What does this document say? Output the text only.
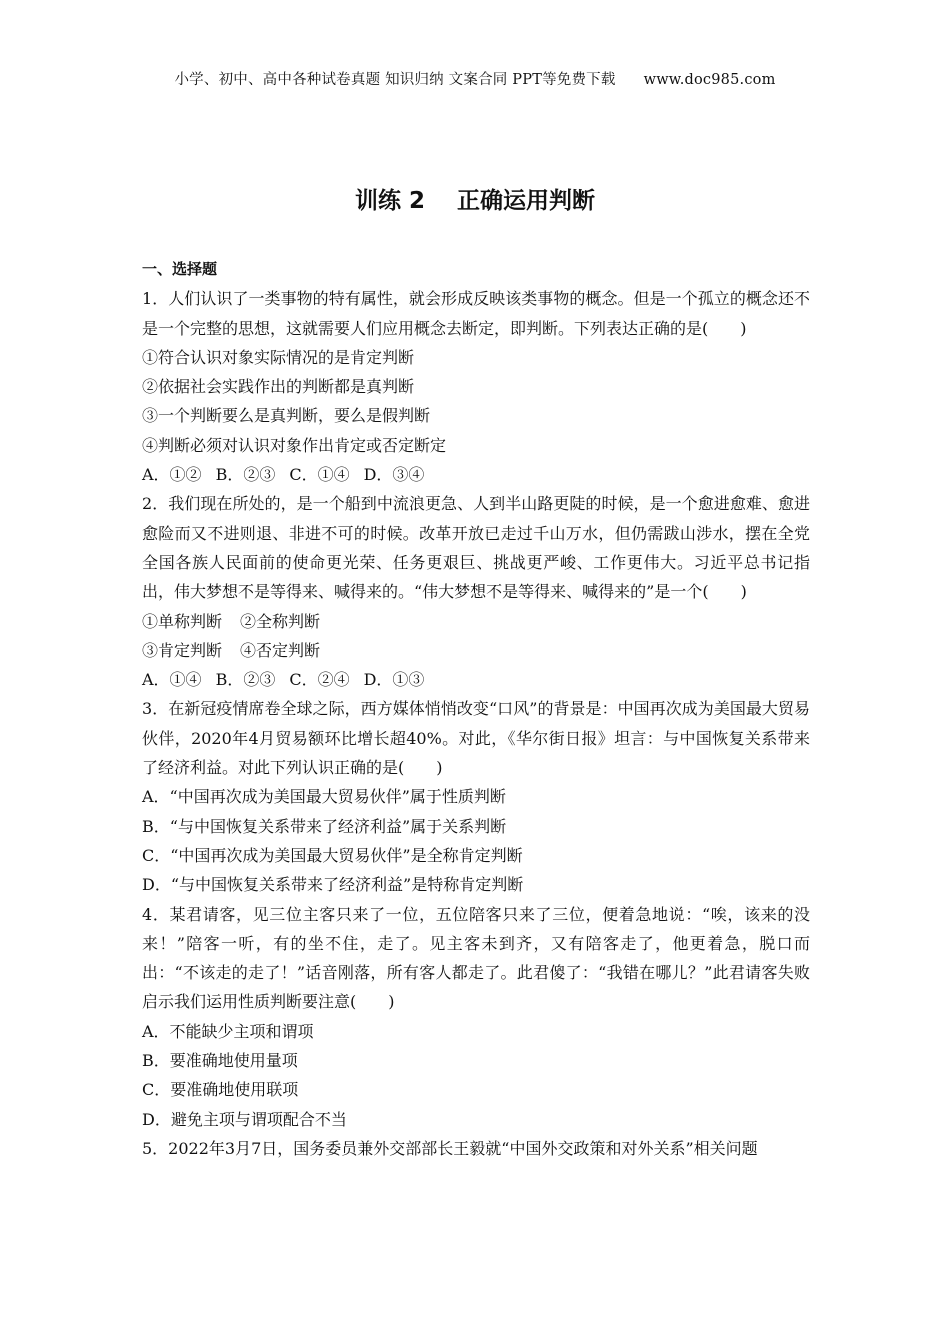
小学、初中、高中各种试卷真题 知识归纳 文案合同 PPT等免费下载 www.doc985.com
训练 2 正确运用判断

一、选择题

1．人们认识了一类事物的特有属性，就会形成反映该类事物的概念。但是一个孤立的概念还不是一个完整的思想，这就需要人们应用概念去断定，即判断。下列表达正确的是(　　)

①符合认识对象实际情况的是肯定判断

②依据社会实践作出的判断都是真判断

③一个判断要么是真判断，要么是假判断

④判断必须对认识对象作出肯定或否定断定

A．①② B．②③ C．①④ D．③④

2．我们现在所处的，是一个船到中流浪更急、人到半山路更陡的时候，是一个愈进愈难、愈进愈险而又不进则退、非进不可的时候。改革开放已走过千山万水，但仍需跋山涉水，摆在全党全国各族人民面前的使命更光荣、任务更艰巨、挑战更严峻、工作更伟大。习近平总书记指出，伟大梦想不是等得来、喊得来的。“伟大梦想不是等得来、喊得来的”是一个(　　)

①单称判断 ②全称判断

③肯定判断 ④否定判断

A．①④ B．②③ C．②④ D．①③

3．在新冠疫情席卷全球之际，西方媒体悄悄改变“口风”的背景是：中国再次成为美国最大贸易伙伴，2020年4月贸易额环比增长超40%。对此，《华尔街日报》坦言：与中国恢复关系带来了经济利益。对此下列认识正确的是(　　)

A．“中国再次成为美国最大贸易伙伴”属于性质判断

B．“与中国恢复关系带来了经济利益”属于关系判断

C．“中国再次成为美国最大贸易伙伴”是全称肯定判断

D．“与中国恢复关系带来了经济利益”是特称肯定判断

4．某君请客，见三位主客只来了一位，五位陪客只来了三位，便着急地说：“唉，该来的没来！”陪客一听，有的坐不住，走了。见主客未到齐，又有陪客走了，他更着急，脱口而出：“不该走的走了！”话音刚落，所有客人都走了。此君傻了：“我错在哪儿？”此君请客失败启示我们运用性质判断要注意(　　)

A．不能缺少主项和谓项

B．要准确地使用量项

C．要准确地使用联项

D．避免主项与谓项配合不当

5．2022年3月7日，国务委员兼外交部部长王毅就“中国外交政策和对外关系”相关问题
